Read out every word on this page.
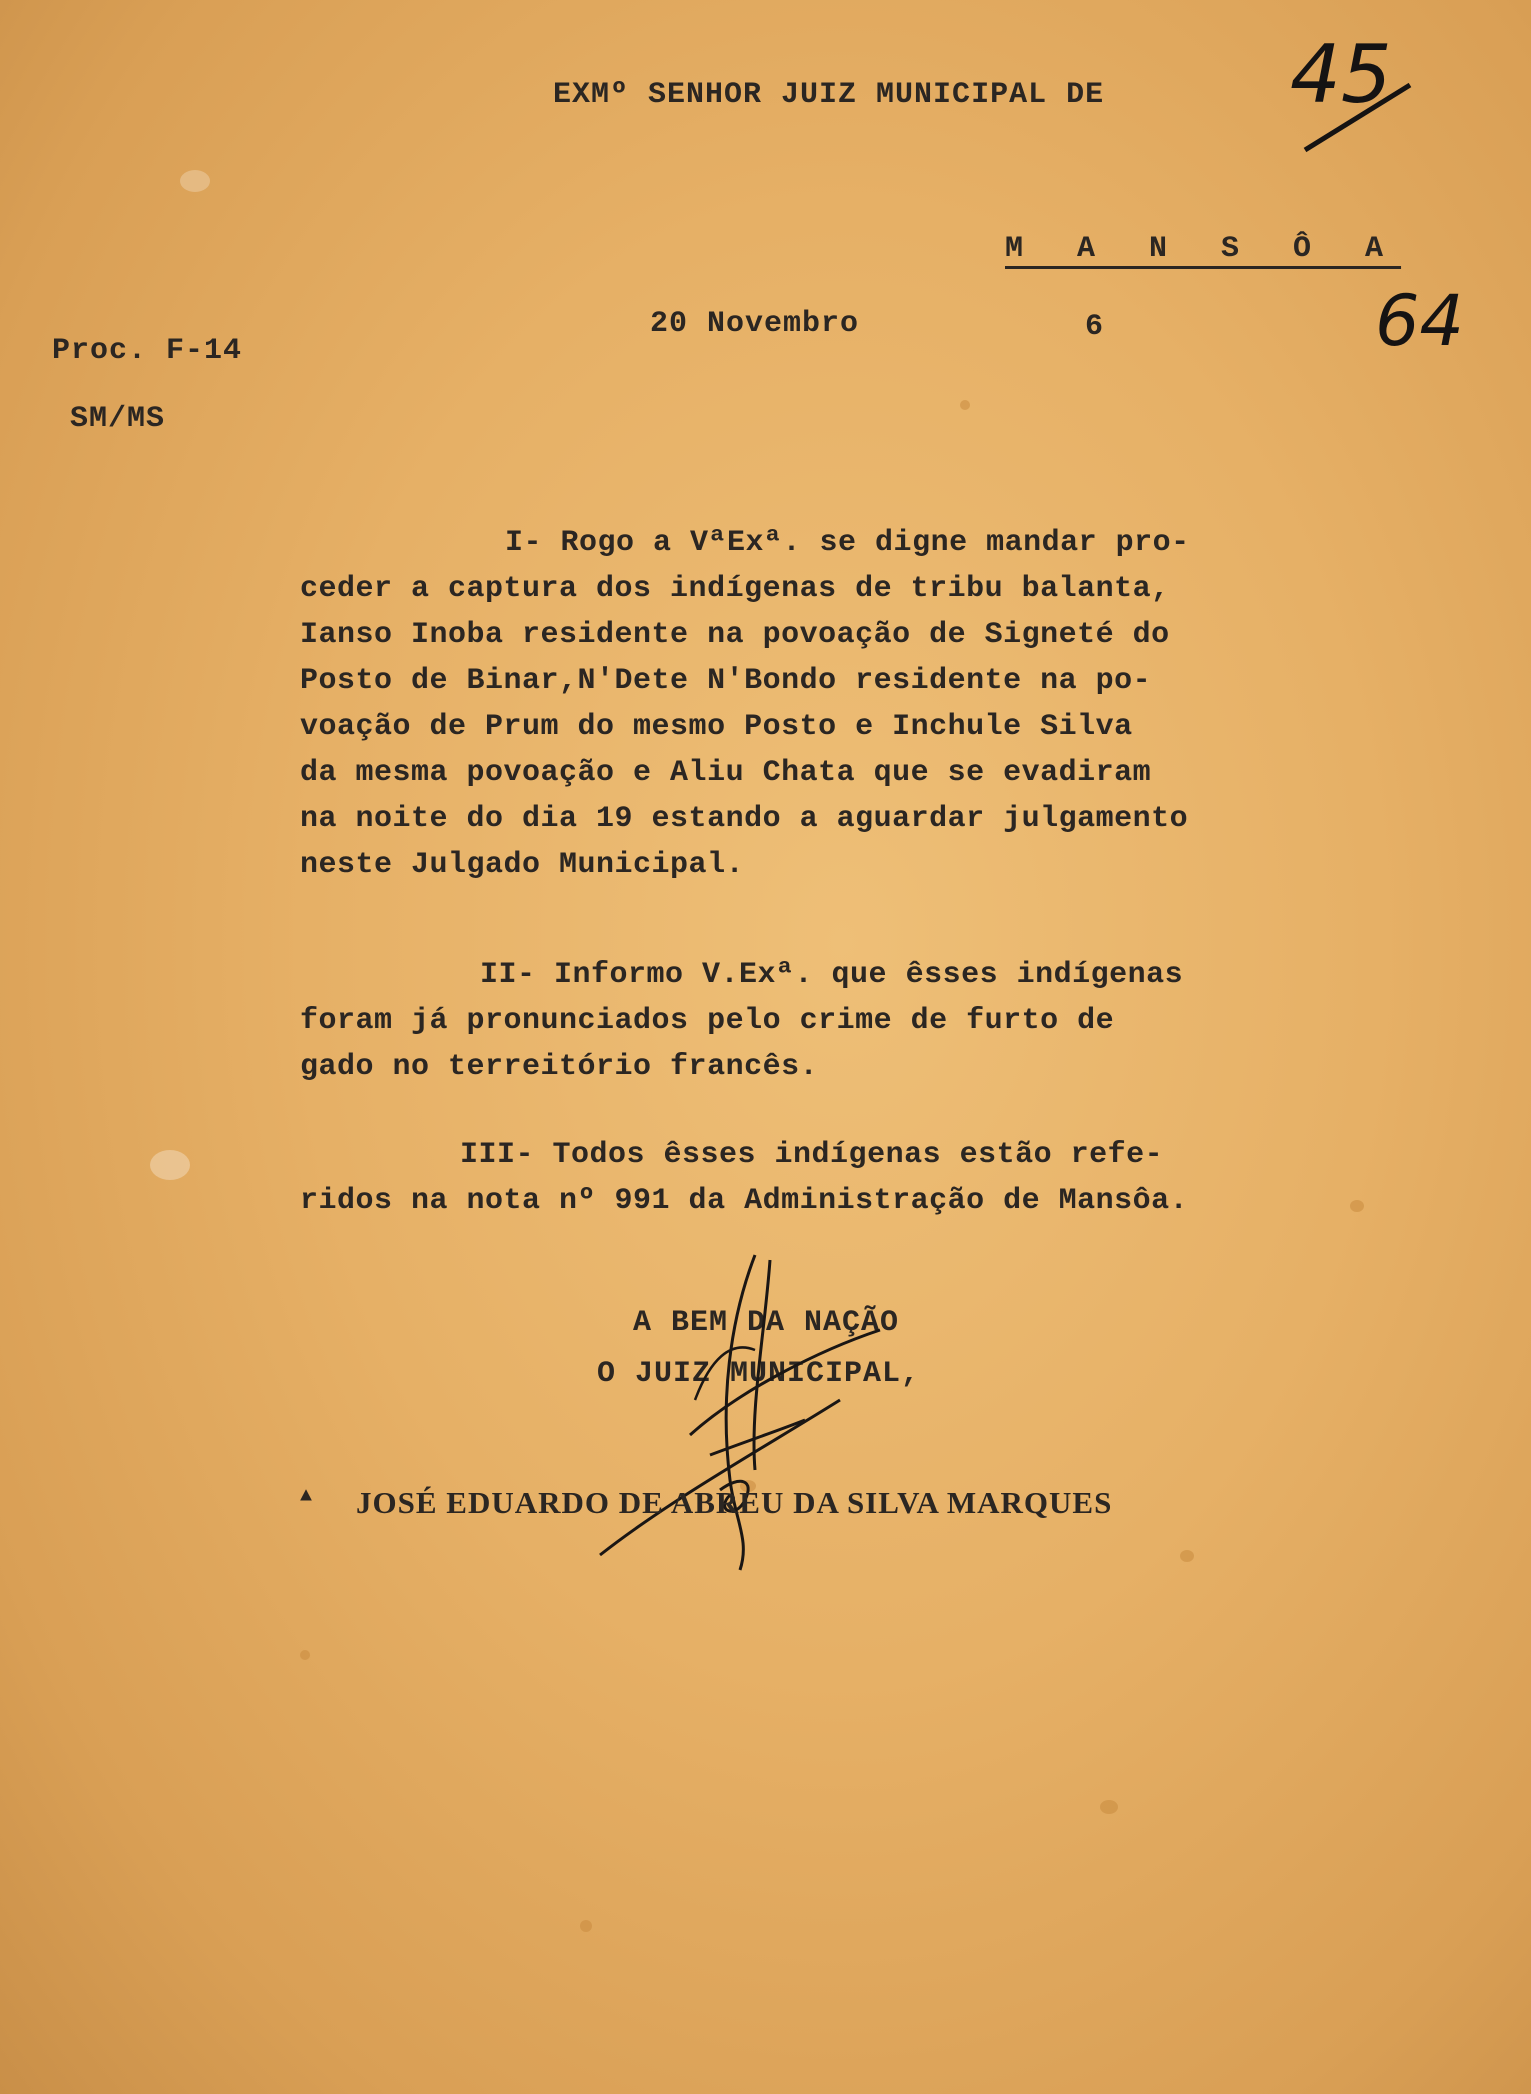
EXMº SENHOR JUIZ MUNICIPAL DE
M A N S Ô A
20 Novembro	6
Proc. F-14
SM/MS
45
64
I- Rogo a VªExª. se digne mandar pro-
ceder a captura dos indígenas de tribu balanta,
Ianso Inoba residente na povoação de Signeté do
Posto de Binar,N'Dete N'Bondo residente na po-
voação de Prum do mesmo Posto e Inchule Silva
da mesma povoação e Aliu Chata que se evadiram
na noite do dia 19 estando a aguardar julgamento
neste Julgado Municipal.
II- Informo V.Exª. que êsses indígenas
foram já pronunciados pelo crime de furto de
gado no terreitório francês.
III- Todos êsses indígenas estão refe-
ridos na nota nº 991 da Administração de Mansôa.
A BEM DA NAÇÃO
O JUIZ MUNICIPAL,
▲ JOSÉ EDUARDO DE ABREU DA SILVA MARQUES
